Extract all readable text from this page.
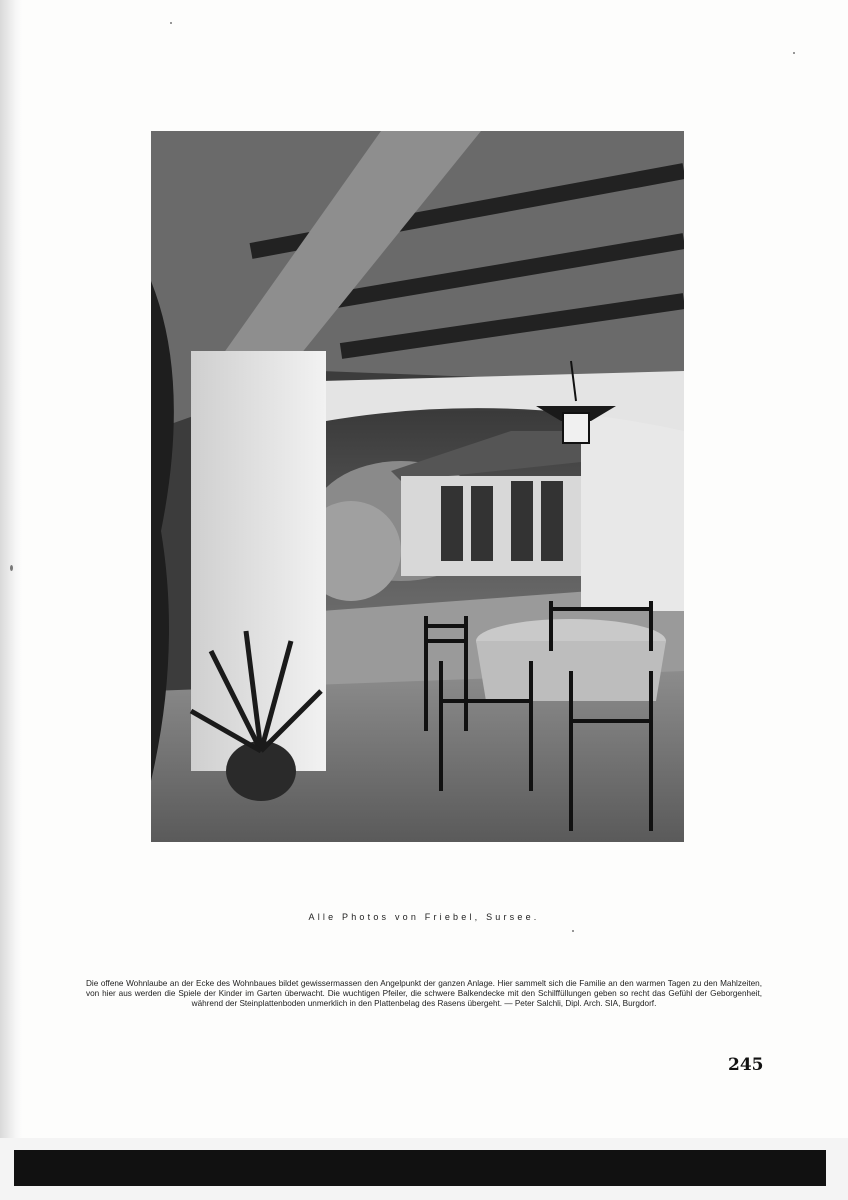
Alle Photos von Friebel, Sursee.
Die offene Wohnlaube an der Ecke des Wohnbaues bildet gewissermassen den Angelpunkt der ganzen Anlage. Hier sammelt sich die Familie an den warmen Tagen zu den Mahlzeiten, von hier aus werden die Spiele der Kinder im Garten überwacht. Die wuchtigen Pfeiler, die schwere Balkendecke mit den Schilffüllungen geben so recht das Gefühl der Geborgenheit, während der Steinplattenboden unmerklich in den Plattenbelag des Rasens übergeht. — Peter Salchli, Dipl. Arch. SIA, Burgdorf.
245
